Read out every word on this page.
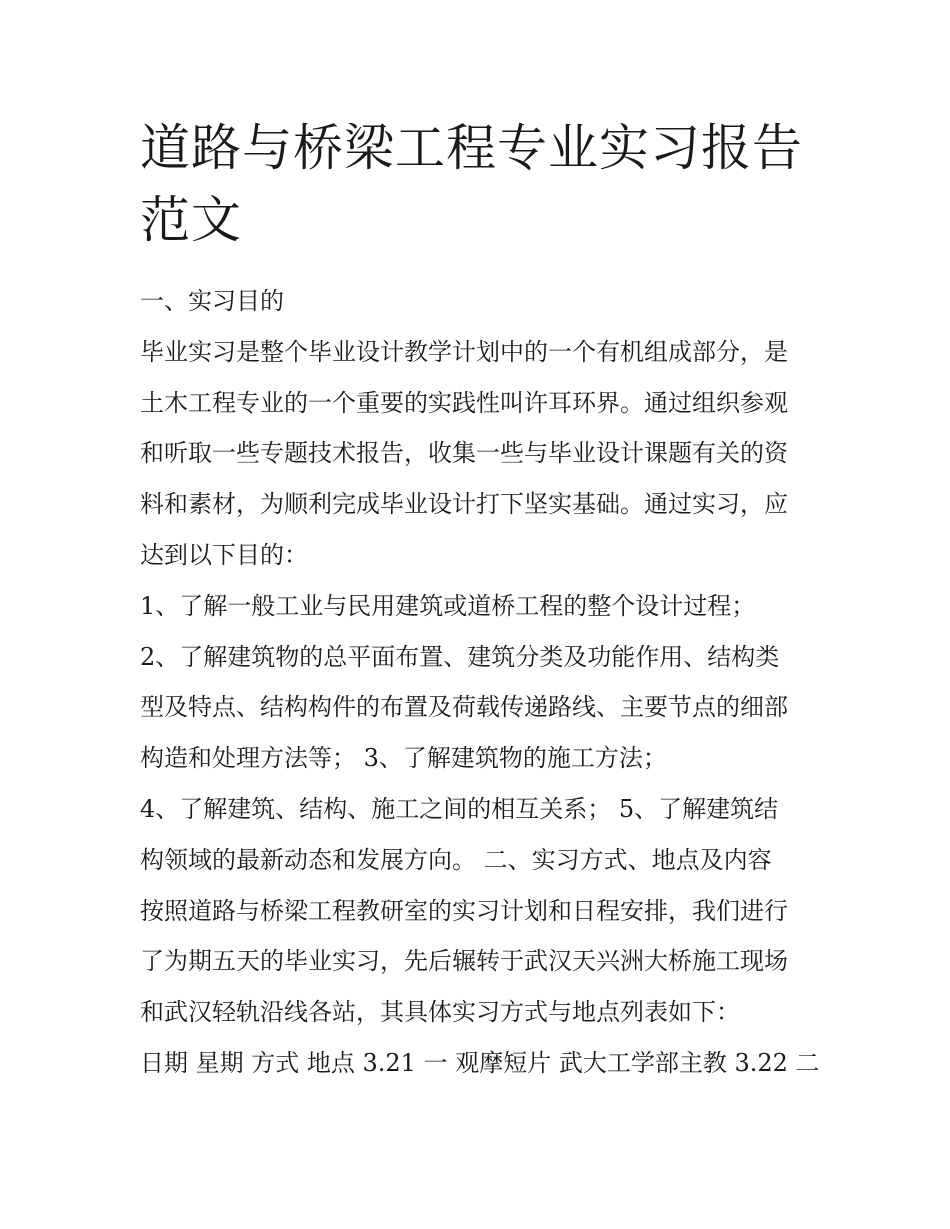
道路与桥梁工程专业实习报告
范文

一、实习目的

毕业实习是整个毕业设计教学计划中的一个有机组成部分，是

土木工程专业的一个重要的实践性叫许耳环界。通过组织参观

和听取一些专题技术报告，收集一些与毕业设计课题有关的资

料和素材，为顺利完成毕业设计打下坚实基础。通过实习，应

达到以下目的：

1、了解一般工业与民用建筑或道桥工程的整个设计过程；

2、了解建筑物的总平面布置、建筑分类及功能作用、结构类

型及特点、结构构件的布置及荷载传递路线、主要节点的细部

构造和处理方法等； 3、了解建筑物的施工方法；

4、了解建筑、结构、施工之间的相互关系； 5、了解建筑结

构领域的最新动态和发展方向。 二、实习方式、地点及内容

按照道路与桥梁工程教研室的实习计划和日程安排，我们进行

了为期五天的毕业实习，先后辗转于武汉天兴洲大桥施工现场

和武汉轻轨沿线各站，其具体实习方式与地点列表如下：

日期 星期 方式 地点 3.21 一 观摩短片 武大工学部主教 3.22 二
